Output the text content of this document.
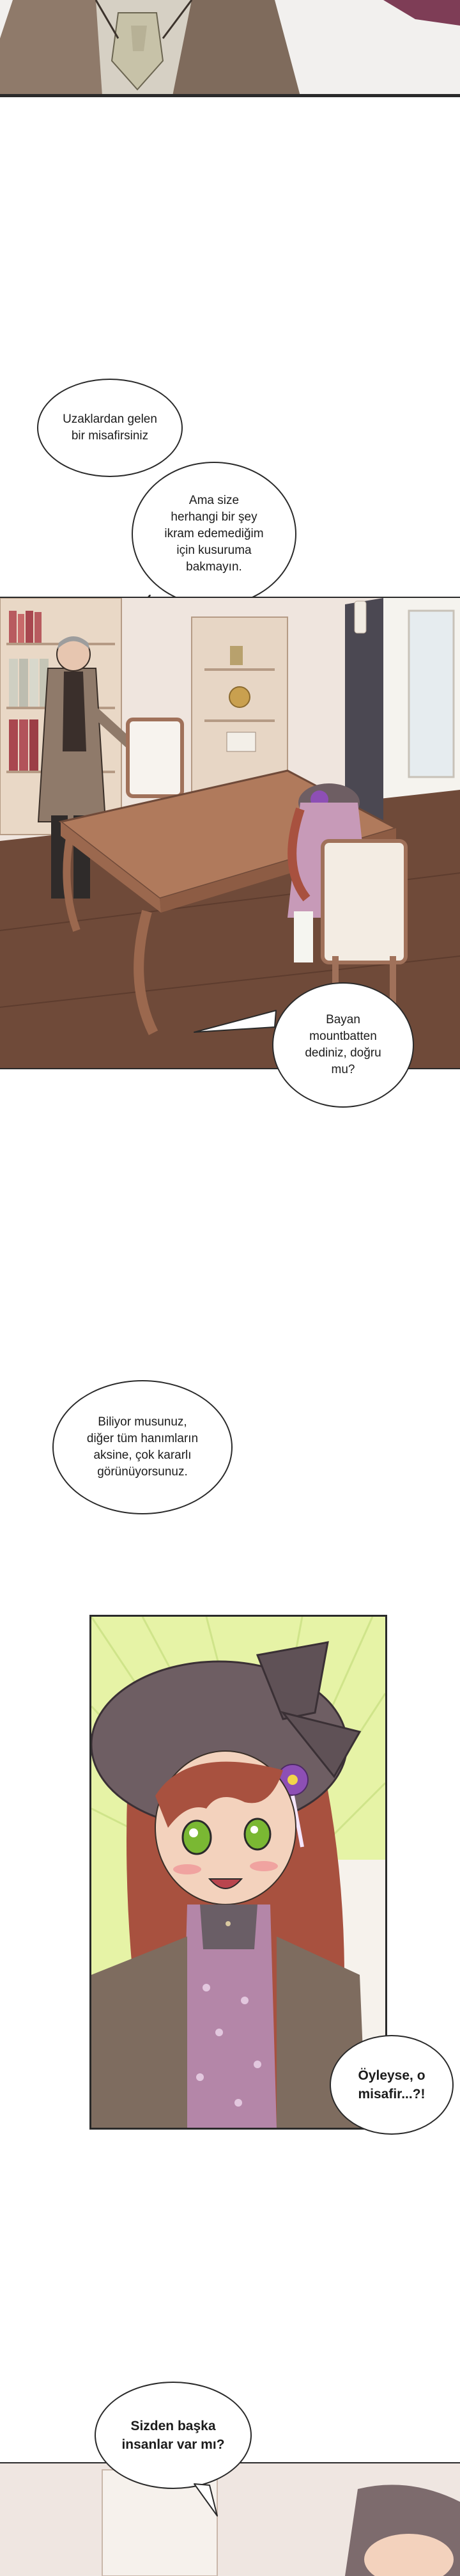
Uzaklardan gelen
bir misafirsiniz
Ama size
herhangi bir şey
ikram edemediğim
için kusuruma
bakmayın.
Bayan
mountbatten
dediniz, doğru
mu?
Biliyor musunuz,
diğer tüm hanımların
aksine, çok kararlı
görünüyorsunuz.
Öyleyse, o
misafir...?!
Sizden başka
insanlar var mı?
